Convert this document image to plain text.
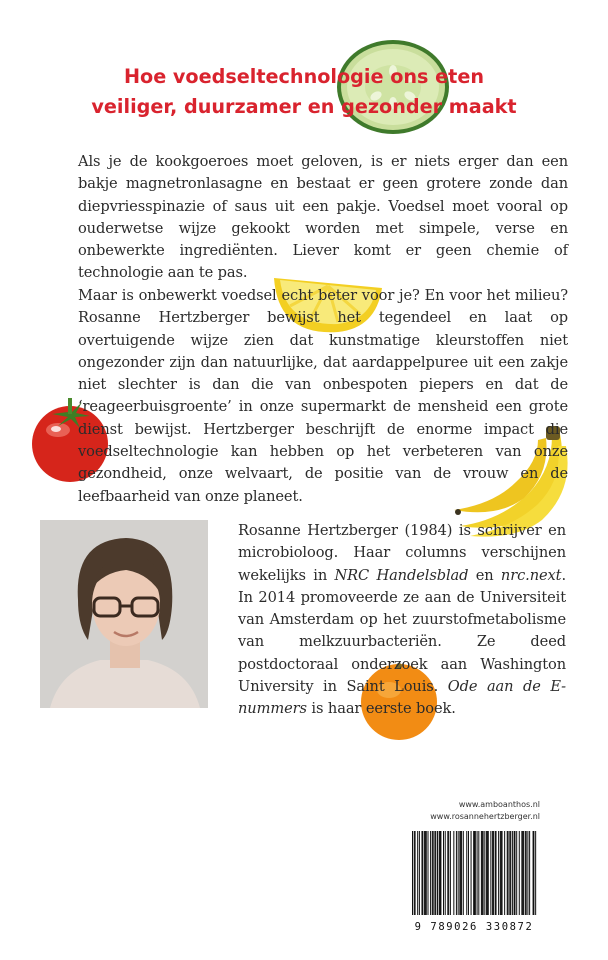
Hoe voedseltechnologie ons eten
veiliger, duurzamer en gezonder maakt

Als je de kookgoeroes moet geloven, is er niets erger dan een bakje magnetronlasagne en bestaat er geen grotere zonde dan diepvriesspinazie of saus uit een pakje. Voedsel moet vooral op ouderwetse wijze gekookt worden met simpele, verse en onbewerkte ingrediënten. Liever komt er geen chemie of technologie aan te pas.

Maar is onbewerkt voedsel echt beter voor je? En voor het milieu? Rosanne Hertzberger bewijst het tegendeel en laat op overtuigende wijze zien dat kunstmatige kleurstoffen niet ongezonder zijn dan natuurlijke, dat aardappelpuree uit een zakje niet slechter is dan die van onbespoten piepers en dat de ‘reageerbuisgroente’ in onze supermarkt de mensheid een grote dienst bewijst. Hertzberger beschrijft de enorme impact die voedseltechnologie kan hebben op het verbeteren van onze gezondheid, onze welvaart, de positie van de vrouw en de leefbaarheid van onze planeet.

Rosanne Hertzberger (1984) is schrijver en microbioloog. Haar columns verschijnen wekelijks in NRC Handelsblad en nrc.next. In 2014 promoveerde ze aan de Universiteit van Amsterdam op het zuurstofmetabolisme van melkzuurbacteriën. Ze deed postdoctoraal onderzoek aan Washington University in Saint Louis. Ode aan de E-nummers is haar eerste boek.

www.amboanthos.nl
www.rosannehertzberger.nl
9 789026 330872
